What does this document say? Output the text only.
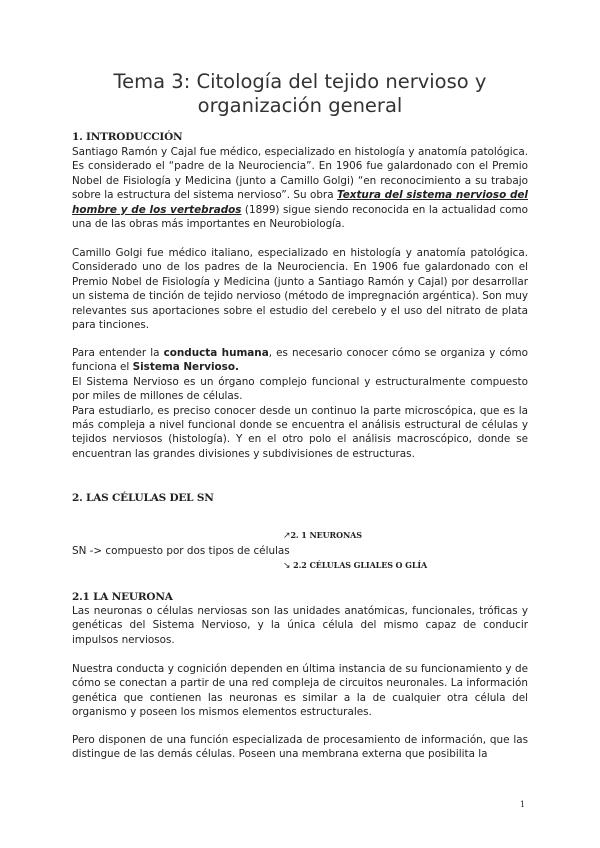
Tema 3: Citología del tejido nervioso y organización general
1. INTRODUCCIÓN

Santiago Ramón y Cajal fue médico, especializado en histología y anatomía patológica. Es considerado el “padre de la Neurociencia”. En 1906 fue galardonado con el Premio Nobel de Fisiología y Medicina (junto a Camillo Golgi) “en reconocimiento a su trabajo sobre la estructura del sistema nervioso”. Su obra Textura del sistema nervioso del hombre y de los vertebrados (1899) sigue siendo reconocida en la actualidad como una de las obras más importantes en Neurobiología.

Camillo Golgi fue médico italiano, especializado en histología y anatomía patológica. Considerado uno de los padres de la Neurociencia. En 1906 fue galardonado con el Premio Nobel de Fisiología y Medicina (junto a Santiago Ramón y Cajal) por desarrollar un sistema de tinción de tejido nervioso (método de impregnación argéntica). Son muy relevantes sus aportaciones sobre el estudio del cerebelo y el uso del nitrato de plata para tinciones.

Para entender la conducta humana, es necesario conocer cómo se organiza y cómo funciona el Sistema Nervioso.
El Sistema Nervioso es un órgano complejo funcional y estructuralmente compuesto por miles de millones de células.
Para estudiarlo, es preciso conocer desde un continuo la parte microscópica, que es la más compleja a nivel funcional donde se encuentra el análisis estructural de células y tejidos nerviosos (histología). Y en el otro polo el análisis macroscópico, donde se encuentran las grandes divisiones y subdivisiones de estructuras.

2. LAS CÉLULAS DEL SN
↗2. 1 NEURONAS
SN -> compuesto por dos tipos de células
↘ 2.2 CÉLULAS GLIALES O GLÍA
2.1 LA NEURONA

Las neuronas o células nerviosas son las unidades anatómicas, funcionales, tróficas y genéticas del Sistema Nervioso, y la única célula del mismo capaz de conducir impulsos nerviosos.

Nuestra conducta y cognición dependen en última instancia de su funcionamiento y de cómo se conectan a partir de una red compleja de circuitos neuronales. La información genética que contienen las neuronas es similar a la de cualquier otra célula del organismo y poseen los mismos elementos estructurales.

Pero disponen de una función especializada de procesamiento de información, que las distingue de las demás células. Poseen una membrana externa que posibilita la

1
